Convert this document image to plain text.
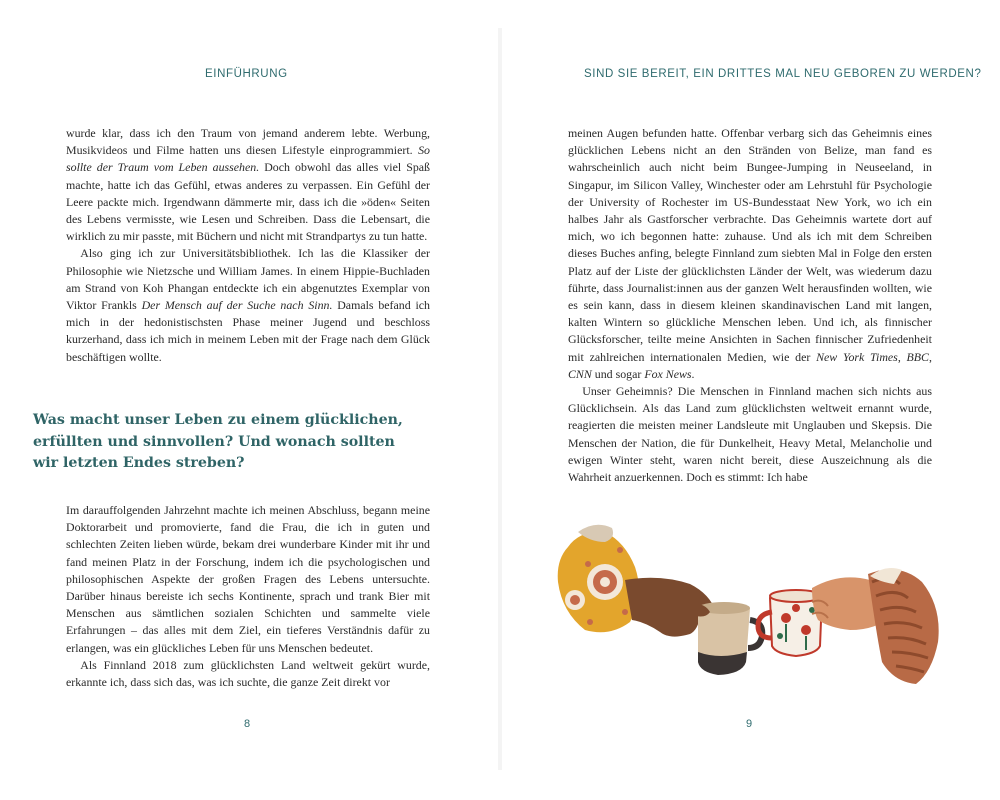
EINFÜHRUNG

wurde klar, dass ich den Traum von jemand anderem lebte. Werbung, Musikvideos und Filme hatten uns diesen Lifestyle einprogrammiert. So sollte der Traum vom Leben aussehen. Doch obwohl das alles viel Spaß machte, hatte ich das Gefühl, etwas anderes zu verpassen. Ein Gefühl der Leere packte mich. Irgendwann dämmerte mir, dass ich die »öden« Seiten des Lebens vermisste, wie Lesen und Schreiben. Dass die Lebensart, die wirklich zu mir passte, mit Büchern und nicht mit Strandpartys zu tun hatte.

Also ging ich zur Universitätsbibliothek. Ich las die Klassiker der Philosophie wie Nietzsche und William James. In einem Hippie-Buchladen am Strand von Koh Phangan entdeckte ich ein abgenutztes Exemplar von Viktor Frankls Der Mensch auf der Suche nach Sinn. Damals befand ich mich in der hedonistischsten Phase meiner Jugend und beschloss kurzerhand, dass ich mich in meinem Leben mit der Frage nach dem Glück beschäftigen wollte.

Was macht unser Leben zu einem glücklichen,
erfüllten und sinnvollen? Und wonach sollten
wir letzten Endes streben?

Im darauffolgenden Jahrzehnt machte ich meinen Abschluss, begann meine Doktorarbeit und promovierte, fand die Frau, die ich in guten und schlechten Zeiten lieben würde, bekam drei wunderbare Kinder mit ihr und fand meinen Platz in der Forschung, indem ich die psychologischen und philosophischen Aspekte der großen Fragen des Lebens untersuchte. Darüber hinaus bereiste ich sechs Kontinente, sprach und trank Bier mit Menschen aus sämtlichen sozialen Schichten und sammelte viele Erfahrungen – das alles mit dem Ziel, ein tieferes Verständnis dafür zu erlangen, was ein glückliches Leben für uns Menschen bedeutet.

Als Finnland 2018 zum glücklichsten Land weltweit gekürt wurde, erkannte ich, dass sich das, was ich suchte, die ganze Zeit direkt vor

8
SIND SIE BEREIT, EIN DRITTES MAL NEU GEBOREN ZU WERDEN?

meinen Augen befunden hatte. Offenbar verbarg sich das Geheimnis eines glücklichen Lebens nicht an den Stränden von Belize, man fand es wahrscheinlich auch nicht beim Bungee-Jumping in Neuseeland, in Singapur, im Silicon Valley, Winchester oder am Lehrstuhl für Psychologie der University of Rochester im US-Bundesstaat New York, wo ich ein halbes Jahr als Gastforscher verbrachte. Das Geheimnis wartete dort auf mich, wo ich begonnen hatte: zuhause. Und als ich mit dem Schreiben dieses Buches anfing, belegte Finnland zum siebten Mal in Folge den ersten Platz auf der Liste der glücklichsten Länder der Welt, was wiederum dazu führte, dass Journalist:innen aus der ganzen Welt herausfinden wollten, wie es sein kann, dass in diesem kleinen skandinavischen Land mit langen, kalten Wintern so glückliche Menschen leben. Und ich, als finnischer Glücksforscher, teilte meine Ansichten in Sachen finnischer Zufriedenheit mit zahlreichen internationalen Medien, wie der New York Times, BBC, CNN und sogar Fox News.

Unser Geheimnis? Die Menschen in Finnland machen sich nichts aus Glücklichsein. Als das Land zum glücklichsten weltweit ernannt wurde, reagierten die meisten meiner Landsleute mit Unglauben und Skepsis. Die Menschen der Nation, die für Dunkelheit, Heavy Metal, Melancholie und ewigen Winter steht, waren nicht bereit, diese Auszeichnung als die Wahrheit anzuerkennen. Doch es stimmt: Ich habe

9
